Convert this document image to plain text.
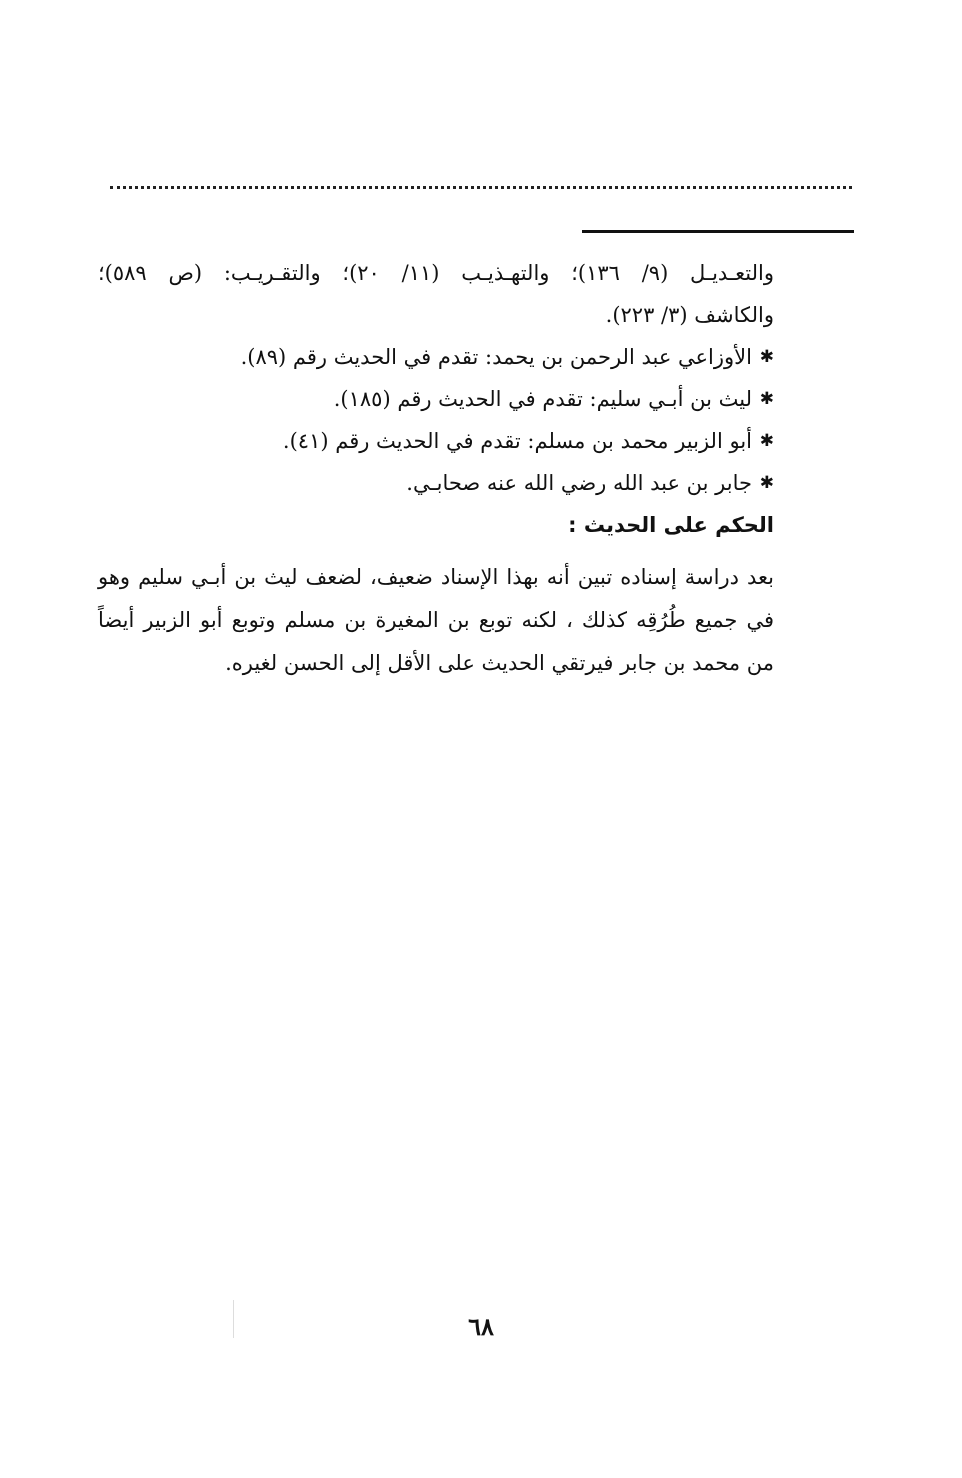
والتعـديـل (٩/ ١٣٦)؛ والتهـذيـب (١١/ ٢٠)؛ والتقـريـب: (ص ٥٨٩)؛
والكاشف (٣/ ٢٢٣).
✱
الأوزاعي عبد الرحمن بن يحمد: تقدم في الحديث رقم (٨٩).
✱
ليث بن أبـي سليم: تقدم في الحديث رقم (١٨٥).
✱
أبو الزبير محمد بن مسلم: تقدم في الحديث رقم (٤١).
✱
جابر بن عبد الله رضي الله عنه صحابـي.
الحكم على الحديث :
بعد دراسة إسناده تبين أنه بهذا الإسناد ضعيف، لضعف ليث بن أبـي سليم وهو
في جميع طُرُقِه كذلك ، لكنه توبع بن المغيرة بن مسلم وتوبع أبو الزبير أيضاً
من محمد بن جابر فيرتقي الحديث على الأقل إلى الحسن لغيره.
٦٨
